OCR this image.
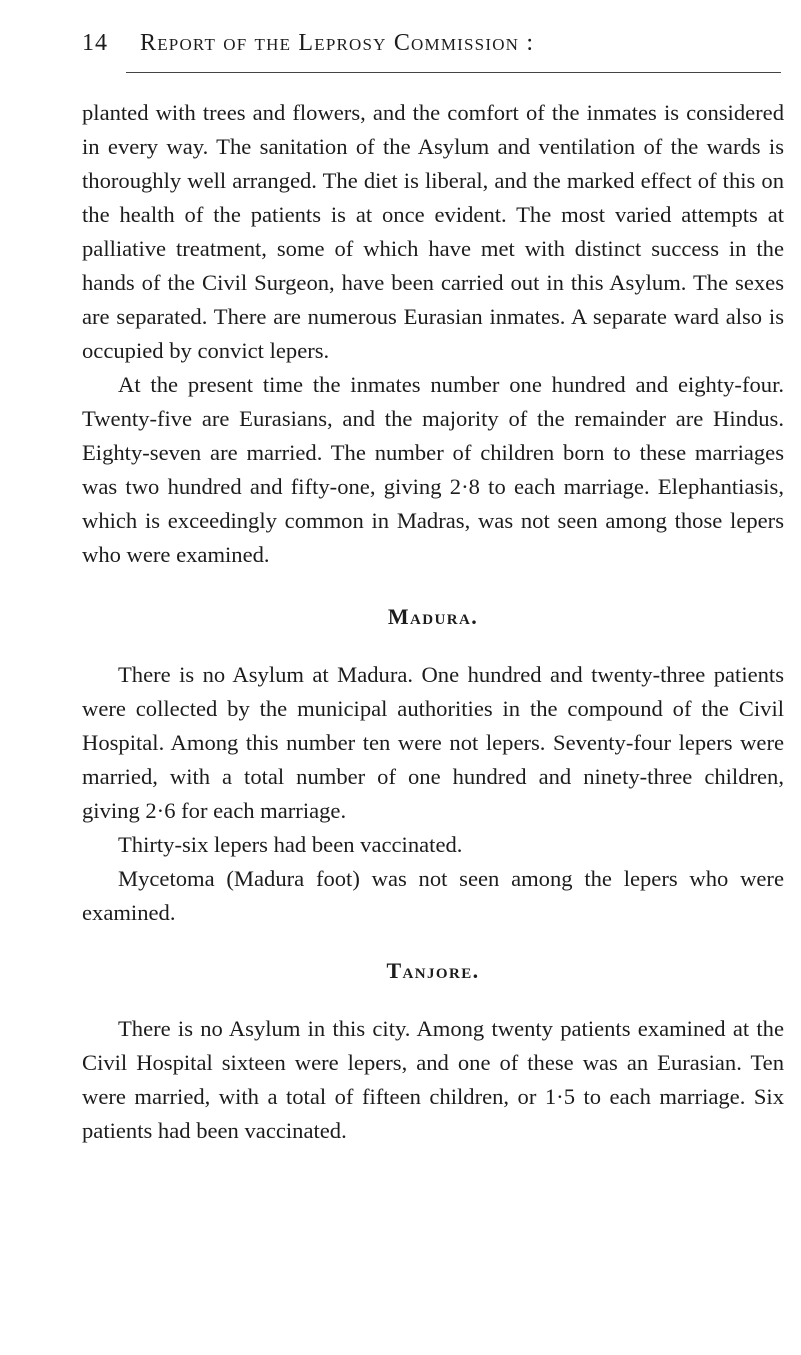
14 Report of the Leprosy Commission :

planted with trees and flowers, and the comfort of the inmates is considered in every way. The sanitation of the Asylum and ventilation of the wards is thoroughly well arranged. The diet is liberal, and the marked effect of this on the health of the patients is at once evident. The most varied attempts at palliative treatment, some of which have met with distinct success in the hands of the Civil Surgeon, have been carried out in this Asylum. The sexes are separated. There are numerous Eurasian inmates. A separate ward also is occupied by convict lepers.

At the present time the inmates number one hundred and eighty-four. Twenty-five are Eurasians, and the majority of the remainder are Hindus. Eighty-seven are married. The number of children born to these marriages was two hundred and fifty-one, giving 2·8 to each marriage. Elephantiasis, which is exceedingly common in Madras, was not seen among those lepers who were examined.

Madura.

There is no Asylum at Madura. One hundred and twenty-three patients were collected by the municipal authorities in the compound of the Civil Hospital. Among this number ten were not lepers. Seventy-four lepers were married, with a total number of one hundred and ninety-three children, giving 2·6 for each marriage.

Thirty-six lepers had been vaccinated.

Mycetoma (Madura foot) was not seen among the lepers who were examined.

Tanjore.

There is no Asylum in this city. Among twenty patients examined at the Civil Hospital sixteen were lepers, and one of these was an Eurasian. Ten were married, with a total of fifteen children, or 1·5 to each marriage. Six patients had been vaccinated.
